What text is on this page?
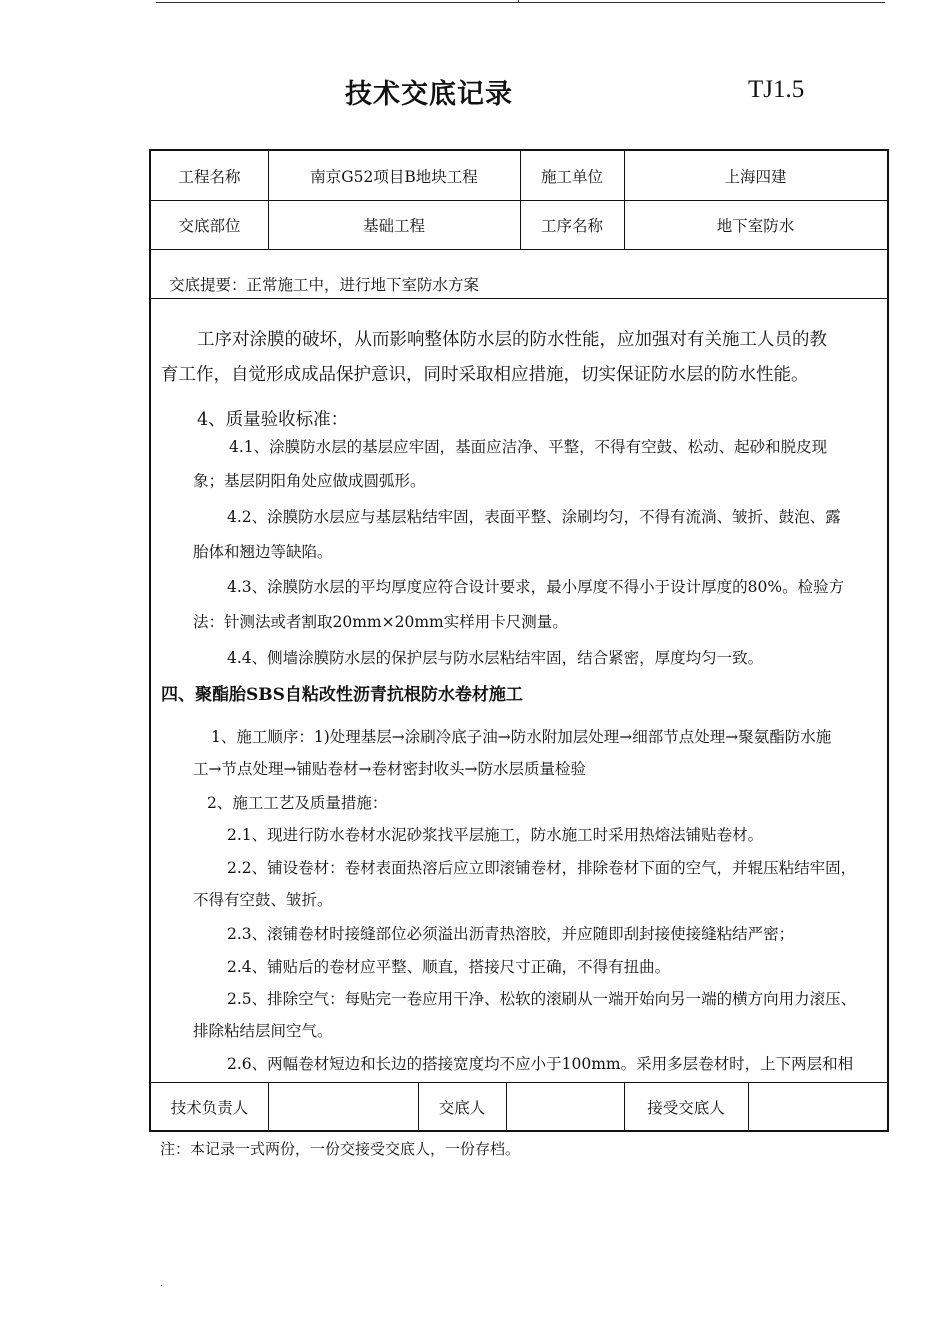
技术交底记录	TJ1.5
工程名称	南京G52项目B地块工程	施工单位	上海四建
交底部位	基础工程	工序名称	地下室防水
交底提要：正常施工中，进行地下室防水方案
工序对涂膜的破坏，从而影响整体防水层的防水性能，应加强对有关施工人员的教
育工作，自觉形成成品保护意识，同时采取相应措施，切实保证防水层的防水性能。
4、质量验收标准：
4.1、涂膜防水层的基层应牢固，基面应洁净、平整，不得有空鼓、松动、起砂和脱皮现
象；基层阴阳角处应做成圆弧形。
4.2、涂膜防水层应与基层粘结牢固，表面平整、涂刷均匀，不得有流淌、皱折、鼓泡、露
胎体和翘边等缺陷。
4.3、涂膜防水层的平均厚度应符合设计要求，最小厚度不得小于设计厚度的80%。检验方
法：针测法或者割取20mm×20mm实样用卡尺测量。
4.4、侧墙涂膜防水层的保护层与防水层粘结牢固，结合紧密，厚度均匀一致。
四、聚酯胎SBS自粘改性沥青抗根防水卷材施工
1、施工顺序：1)处理基层→涂刷冷底子油→防水附加层处理→细部节点处理→聚氨酯防水施
工→节点处理→铺贴卷材→卷材密封收头→防水层质量检验
2、施工工艺及质量措施：
2.1、现进行防水卷材水泥砂浆找平层施工，防水施工时采用热熔法铺贴卷材。
2.2、铺设卷材：卷材表面热溶后应立即滚铺卷材，排除卷材下面的空气，并辊压粘结牢固，
不得有空鼓、皱折。
2.3、滚铺卷材时接缝部位必须溢出沥青热溶胶，并应随即刮封接使接缝粘结严密；
2.4、铺贴后的卷材应平整、顺直，搭接尺寸正确，不得有扭曲。
2.5、排除空气：每贴完一卷应用干净、松软的滚刷从一端开始向另一端的横方向用力滚压、
排除粘结层间空气。
2.6、两幅卷材短边和长边的搭接宽度均不应小于100mm。采用多层卷材时，上下两层和相
技术负责人	交底人	接受交底人
注：本记录一式两份，一份交接受交底人，一份存档。
.
